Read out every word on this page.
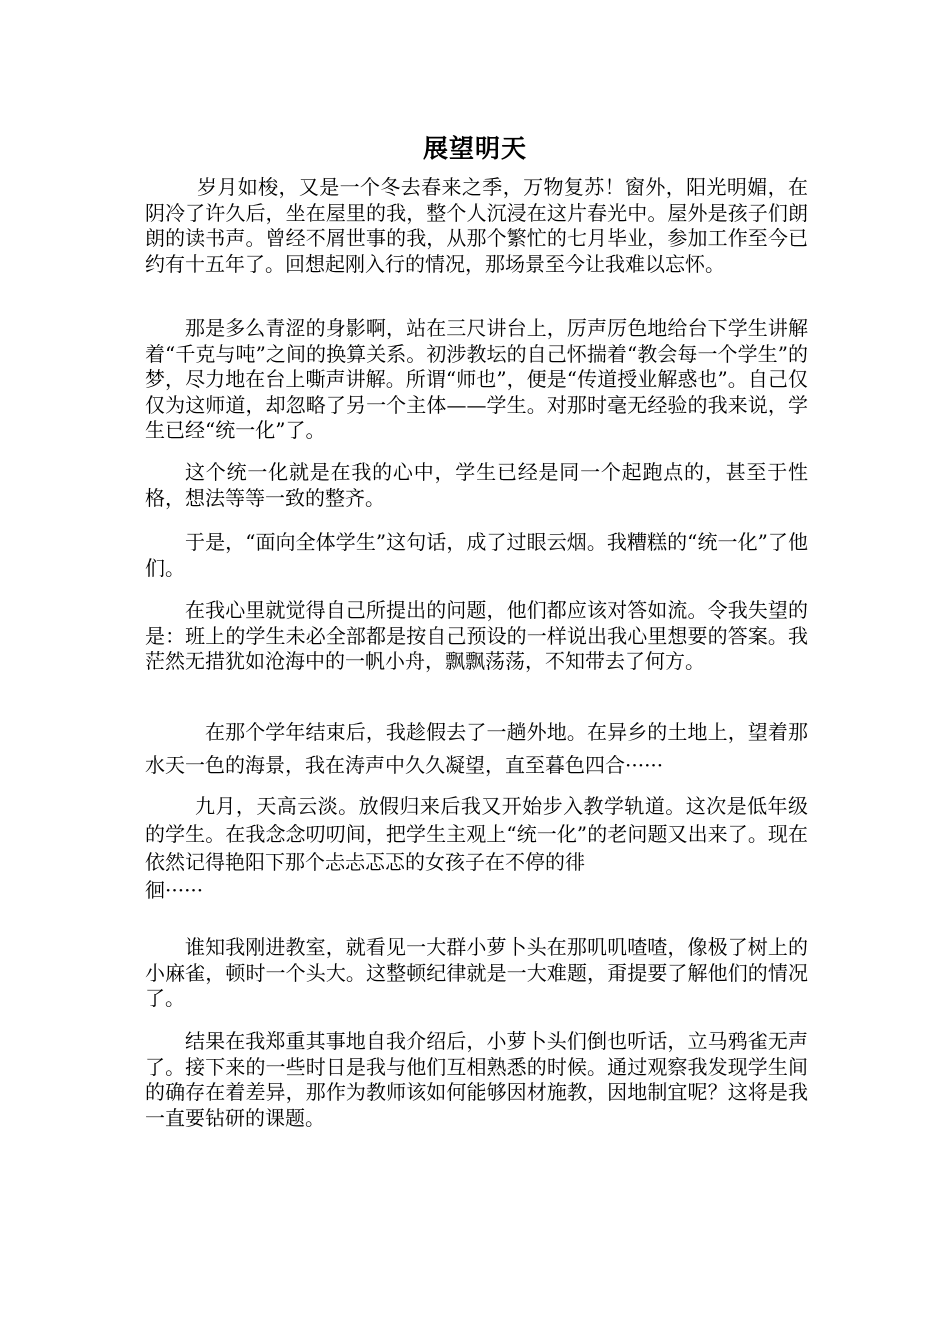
展望明天

岁月如梭，又是一个冬去春来之季，万物复苏！窗外，阳光明媚，在阴冷了许久后，坐在屋里的我，整个人沉浸在这片春光中。屋外是孩子们朗朗的读书声。曾经不屑世事的我，从那个繁忙的七月毕业，参加工作至今已约有十五年了。回想起刚入行的情况，那场景至今让我难以忘怀。

那是多么青涩的身影啊，站在三尺讲台上，厉声厉色地给台下学生讲解着“千克与吨”之间的换算关系。初涉教坛的自己怀揣着“教会每一个学生”的梦，尽力地在台上嘶声讲解。所谓“师也”，便是“传道授业解惑也”。自己仅仅为这师道，却忽略了另一个主体——学生。对那时毫无经验的我来说，学生已经“统一化”了。

这个统一化就是在我的心中，学生已经是同一个起跑点的，甚至于性格，想法等等一致的整齐。

于是，“面向全体学生”这句话，成了过眼云烟。我糟糕的“统一化”了他们。

在我心里就觉得自己所提出的问题，他们都应该对答如流。令我失望的是：班上的学生未必全部都是按自己预设的一样说出我心里想要的答案。我茫然无措犹如沧海中的一帆小舟，飘飘荡荡，不知带去了何方。

在那个学年结束后，我趁假去了一趟外地。在异乡的土地上，望着那水天一色的海景，我在涛声中久久凝望，直至暮色四合······

九月，天高云淡。放假归来后我又开始步入教学轨道。这次是低年级的学生。在我念念叨叨间，把学生主观上“统一化”的老问题又出来了。现在依然记得艳阳下那个忐忐忑忑的女孩子在不停的徘

徊······

谁知我刚进教室，就看见一大群小萝卜头在那叽叽喳喳，像极了树上的小麻雀，顿时一个头大。这整顿纪律就是一大难题，甭提要了解他们的情况了。

结果在我郑重其事地自我介绍后，小萝卜头们倒也听话，立马鸦雀无声了。接下来的一些时日是我与他们互相熟悉的时候。通过观察我发现学生间的确存在着差异，那作为教师该如何能够因材施教，因地制宜呢？这将是我一直要钻研的课题。
